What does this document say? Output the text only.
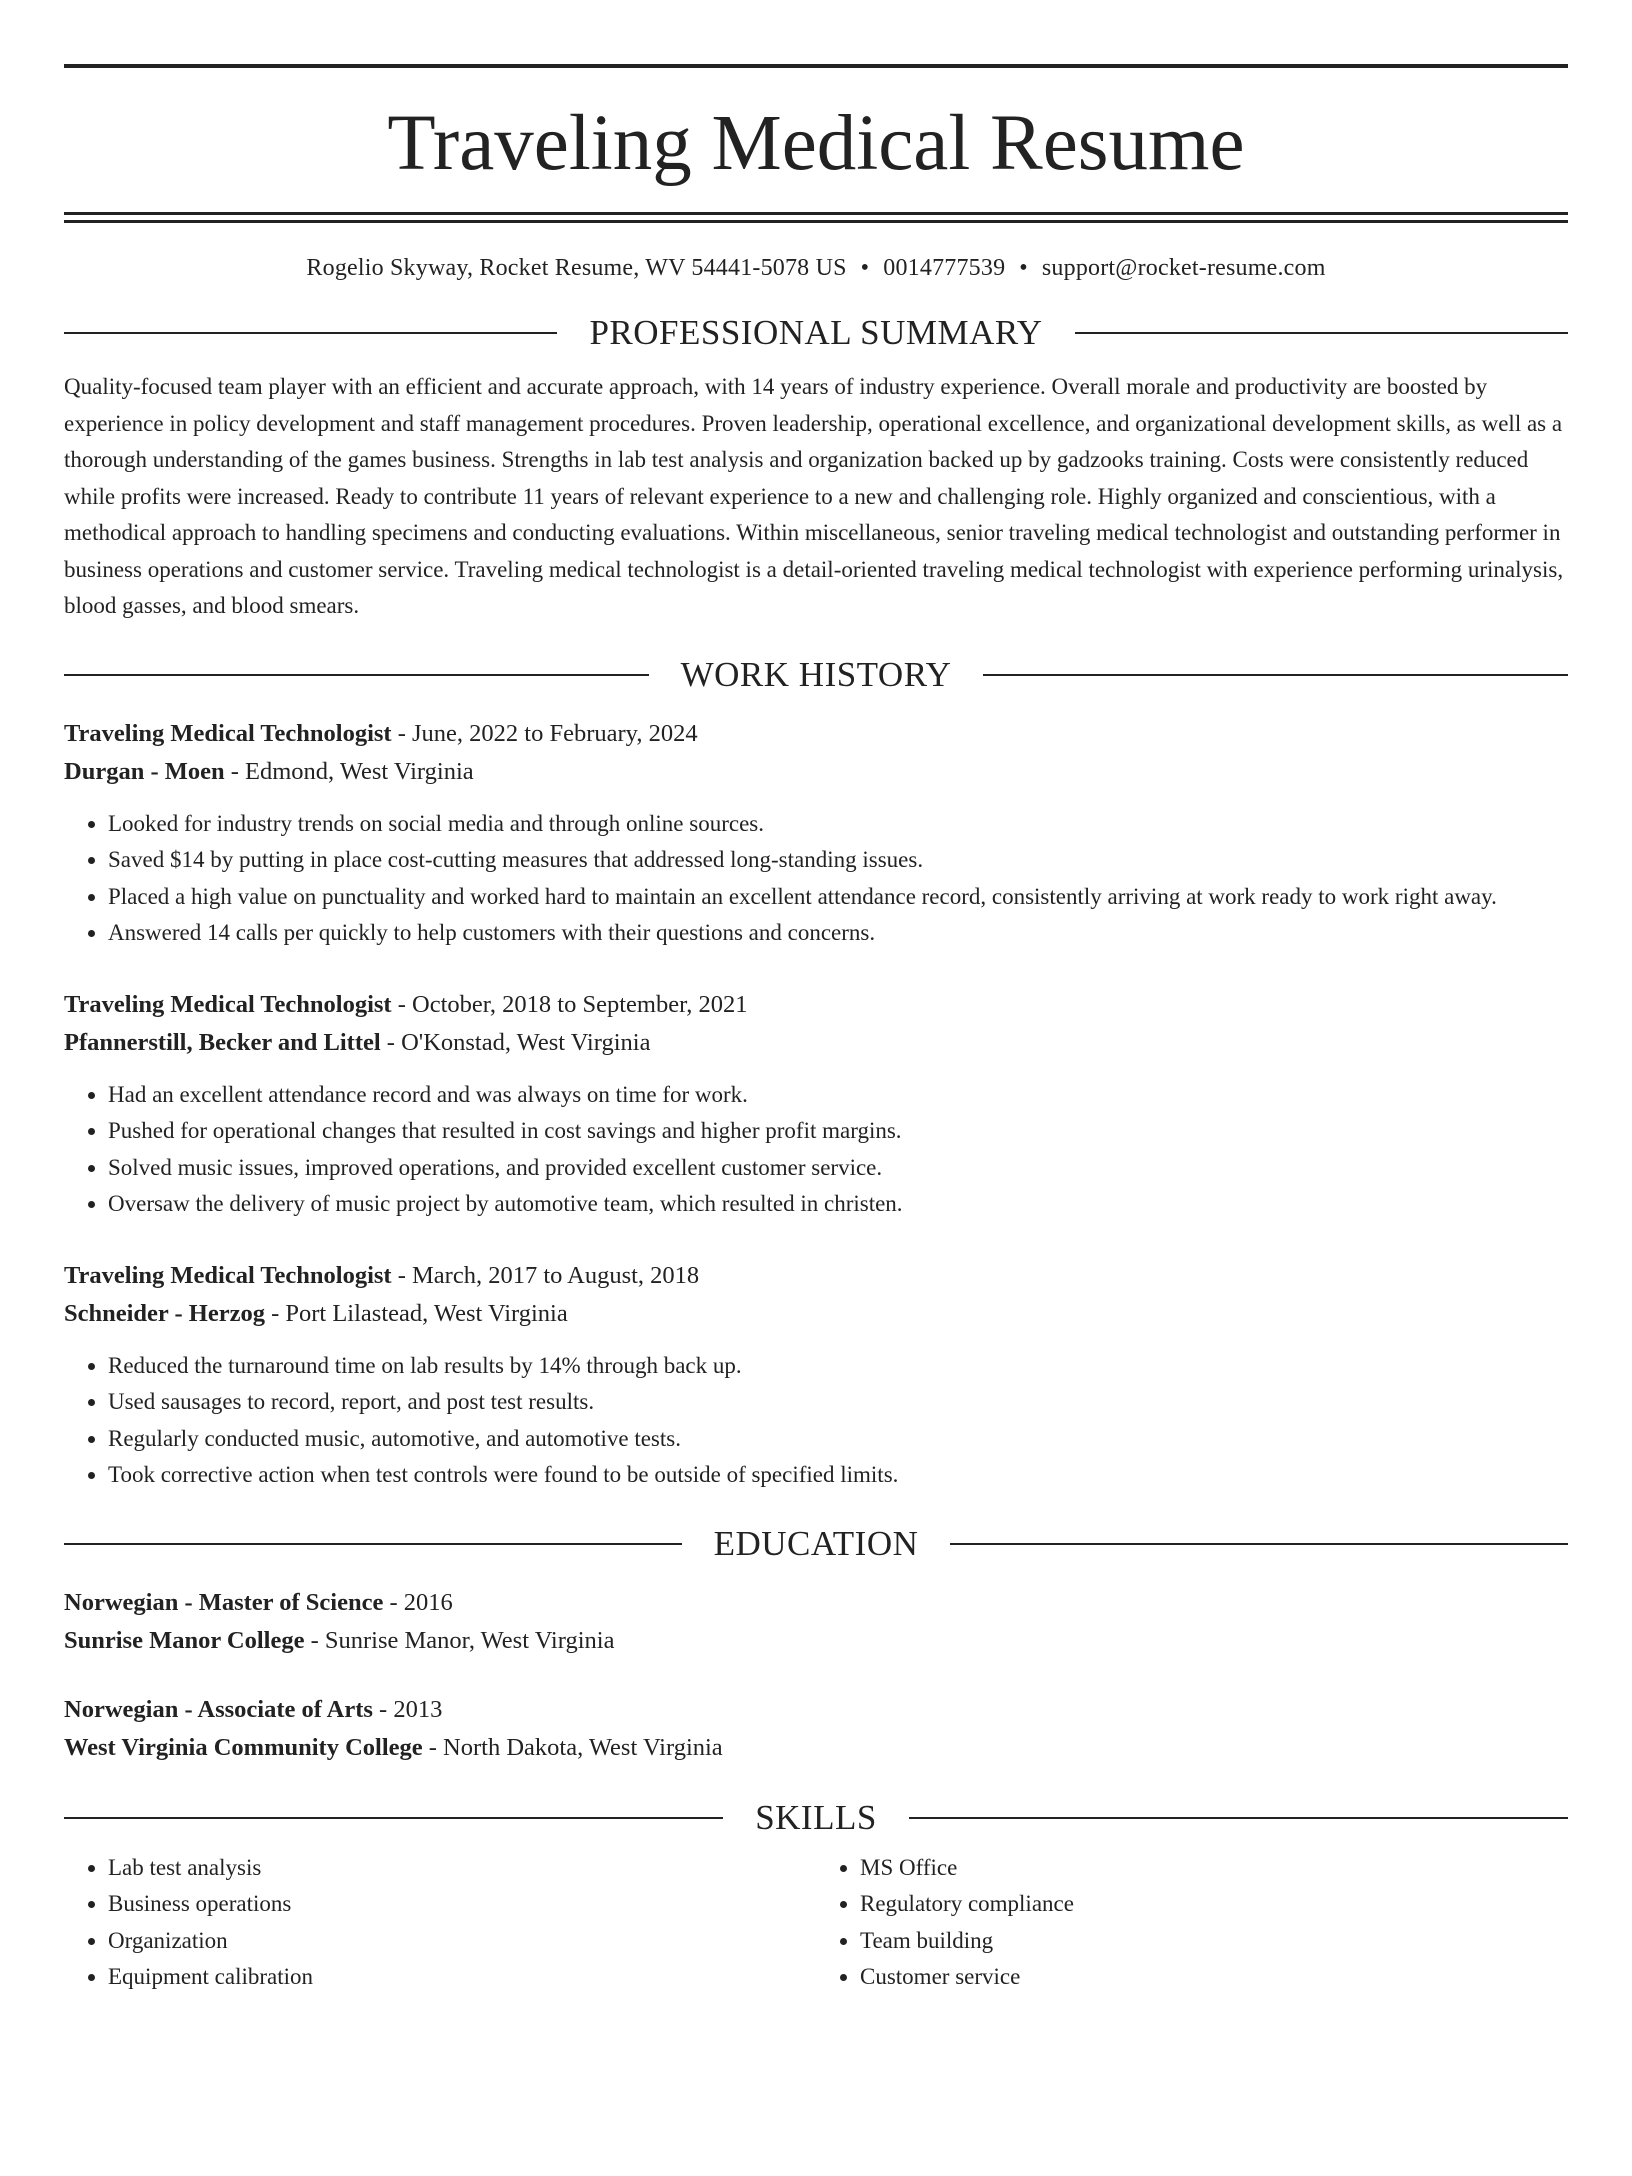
Traveling Medical Resume
Rogelio Skyway, Rocket Resume, WV 54441-5078 US • 0014777539 • support@rocket-resume.com
PROFESSIONAL SUMMARY
Quality-focused team player with an efficient and accurate approach, with 14 years of industry experience. Overall morale and productivity are boosted by experience in policy development and staff management procedures. Proven leadership, operational excellence, and organizational development skills, as well as a thorough understanding of the games business. Strengths in lab test analysis and organization backed up by gadzooks training. Costs were consistently reduced while profits were increased. Ready to contribute 11 years of relevant experience to a new and challenging role. Highly organized and conscientious, with a methodical approach to handling specimens and conducting evaluations. Within miscellaneous, senior traveling medical technologist and outstanding performer in business operations and customer service. Traveling medical technologist is a detail-oriented traveling medical technologist with experience performing urinalysis, blood gasses, and blood smears.
WORK HISTORY
Traveling Medical Technologist - June, 2022 to February, 2024
Durgan - Moen - Edmond, West Virginia
• Looked for industry trends on social media and through online sources.
• Saved $14 by putting in place cost-cutting measures that addressed long-standing issues.
• Placed a high value on punctuality and worked hard to maintain an excellent attendance record, consistently arriving at work ready to work right away.
• Answered 14 calls per quickly to help customers with their questions and concerns.
Traveling Medical Technologist - October, 2018 to September, 2021
Pfannerstill, Becker and Littel - O'Konstad, West Virginia
• Had an excellent attendance record and was always on time for work.
• Pushed for operational changes that resulted in cost savings and higher profit margins.
• Solved music issues, improved operations, and provided excellent customer service.
• Oversaw the delivery of music project by automotive team, which resulted in christen.
Traveling Medical Technologist - March, 2017 to August, 2018
Schneider - Herzog - Port Lilastead, West Virginia
• Reduced the turnaround time on lab results by 14% through back up.
• Used sausages to record, report, and post test results.
• Regularly conducted music, automotive, and automotive tests.
• Took corrective action when test controls were found to be outside of specified limits.
EDUCATION
Norwegian - Master of Science - 2016
Sunrise Manor College - Sunrise Manor, West Virginia
Norwegian - Associate of Arts - 2013
West Virginia Community College - North Dakota, West Virginia
SKILLS
• Lab test analysis
• Business operations
• Organization
• Equipment calibration
• MS Office
• Regulatory compliance
• Team building
• Customer service
